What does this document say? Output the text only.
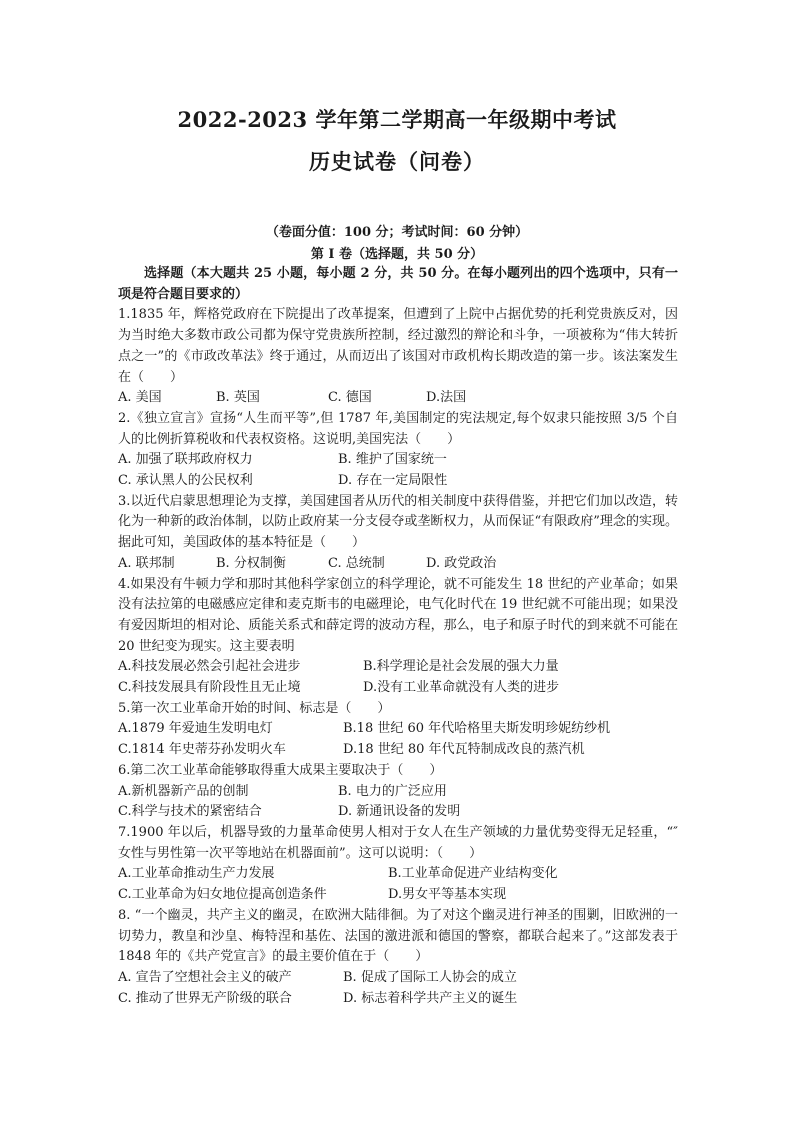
2022-2023 学年第二学期高一年级期中考试
历史试卷（问卷）
（卷面分值：100 分；考试时间：60 分钟）
第 I 卷（选择题，共 50 分）
选择题（本大题共 25 小题，每小题 2 分，共 50 分。在每小题列出的四个选项中，只有一项是符合题目要求的）
1.1835 年，辉格党政府在下院提出了改革提案，但遭到了上院中占据优势的托利党贵族反对，因为当时绝大多数市政公司都为保守党贵族所控制，经过激烈的辩论和斗争，一项被称为“伟大转折点之一”的《市政改革法》终于通过，从而迈出了该国对市政机构长期改造的第一步。该法案发生在（　　）
A. 美国	B. 英国	C. 德国	D.法国
2.《独立宣言》宣扬“人生而平等”,但 1787 年,美国制定的宪法规定,每个奴隶只能按照 3/5 个自人的比例折算税收和代表权资格。这说明,美国宪法（　　）
A. 加强了联邦政府权力	B. 维护了国家统一
C. 承认黑人的公民权利	D. 存在一定局限性
3.以近代启蒙思想理论为支撑，美国建国者从历代的相关制度中获得借鉴，并把它们加以改造，转化为一种新的政治体制，以防止政府某一分支侵夺或垄断权力，从而保证“有限政府”理念的实现。据此可知，美国政体的基本特征是（　　）
A. 联邦制	B. 分权制衡	C. 总统制	D. 政党政治
4.如果没有牛顿力学和那时其他科学家创立的科学理论，就不可能发生 18 世纪的产业革命；如果没有法拉第的电磁感应定律和麦克斯韦的电磁理论，电气化时代在 19 世纪就不可能出现；如果没有爱因斯坦的相对论、质能关系式和薛定谔的波动方程，那么，电子和原子时代的到来就不可能在 20 世纪变为现实。这主要表明
A.科技发展必然会引起社会进步	B.科学理论是社会发展的强大力量
C.科技发展具有阶段性且无止境	D.没有工业革命就没有人类的进步
5.第一次工业革命开始的时间、标志是（　　）
A.1879 年爱迪生发明电灯	B.18 世纪 60 年代哈格里夫斯发明珍妮纺纱机
C.1814 年史蒂芬孙发明火车	D.18 世纪 80 年代瓦特制成改良的蒸汽机
6.第二次工业革命能够取得重大成果主要取决于（　　）
A.新机器新产品的创制	B. 电力的广泛应用
C.科学与技术的紧密结合	D. 新通讯设备的发明
7.1900 年以后，机器导致的力量革命使男人相对于女人在生产领域的力量优势变得无足轻重，“″女性与男性第一次平等地站在机器面前”。这可以说明：（　　）
A.工业革命推动生产力发展	B.工业革命促进产业结构变化
C.工业革命为妇女地位提高创造条件	D.男女平等基本实现
8. “一个幽灵，共产主义的幽灵，在欧洲大陆徘徊。为了对这个幽灵进行神圣的围剿，旧欧洲的一切势力，教皇和沙皇、梅特涅和基佐、法国的激进派和德国的警察，都联合起来了。”这部发表于 1848 年的《共产党宣言》的最主要价值在于（　　）
A. 宣告了空想社会主义的破产	B. 促成了国际工人协会的成立
C. 推动了世界无产阶级的联合	D. 标志着科学共产主义的诞生
